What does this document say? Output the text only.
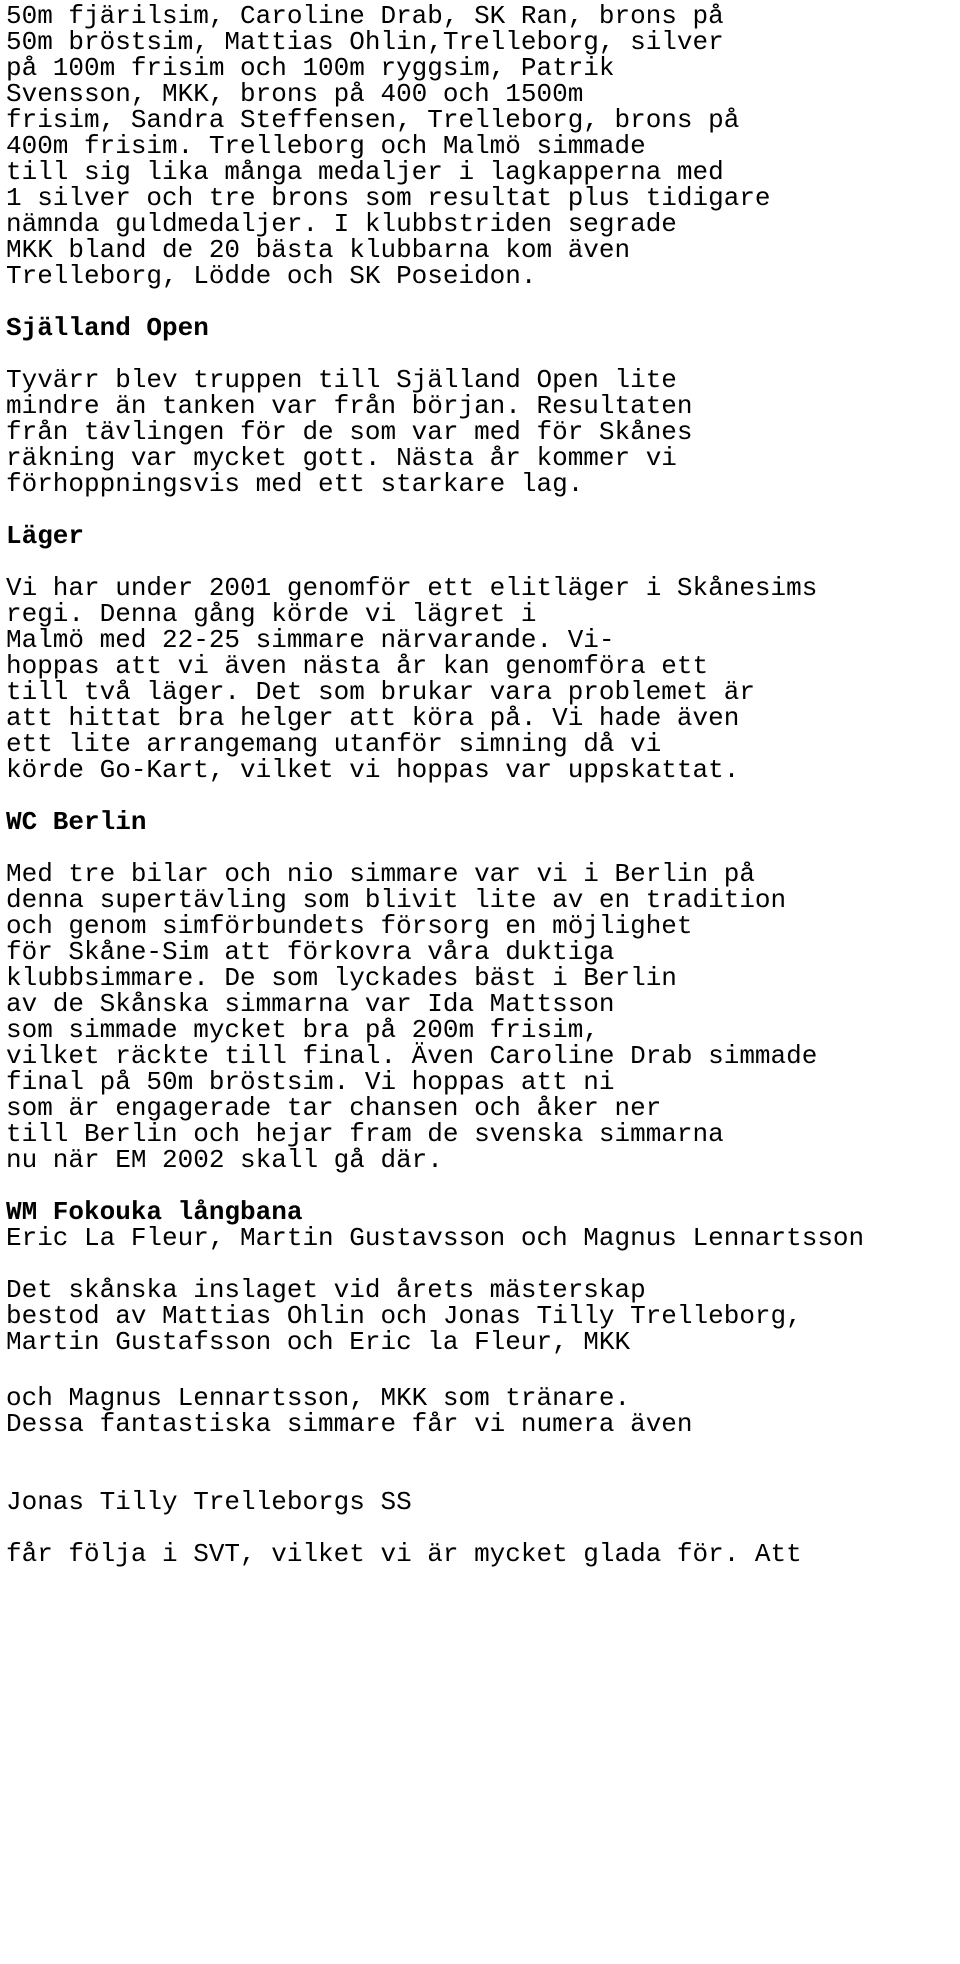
50m fjärilsim, Caroline Drab, SK Ran, brons på
50m bröstsim, Mattias Ohlin,Trelleborg, silver
på 100m frisim och 100m ryggsim, Patrik
Svensson, MKK, brons på 400 och 1500m
frisim, Sandra Steffensen, Trelleborg, brons på
400m frisim. Trelleborg och Malmö simmade
till sig lika många medaljer i lagkapperna med
1 silver och tre brons som resultat plus tidigare
nämnda guldmedaljer. I klubbstriden segrade
MKK bland de 20 bästa klubbarna kom även
Trelleborg, Lödde och SK Poseidon.
Själland Open
Tyvärr blev truppen till Själland Open lite
mindre än tanken var från början. Resultaten
från tävlingen för de som var med för Skånes
räkning var mycket gott. Nästa år kommer vi
förhoppningsvis med ett starkare lag.
Läger
Vi har under 2001 genomför ett elitläger i Skånesims
regi. Denna gång körde vi lägret i
Malmö med 22-25 simmare närvarande. Vi-
hoppas att vi även nästa år kan genomföra ett
till två läger. Det som brukar vara problemet är
att hittat bra helger att köra på. Vi hade även
ett lite arrangemang utanför simning då vi
körde Go-Kart, vilket vi hoppas var uppskattat.
WC Berlin
Med tre bilar och nio simmare var vi i Berlin på
denna supertävling som blivit lite av en tradition
och genom simförbundets försorg en möjlighet
för Skåne-Sim att förkovra våra duktiga
klubbsimmare. De som lyckades bäst i Berlin
av de Skånska simmarna var Ida Mattsson
som simmade mycket bra på 200m frisim,
vilket räckte till final. Även Caroline Drab simmade
final på 50m bröstsim. Vi hoppas att ni
som är engagerade tar chansen och åker ner
till Berlin och hejar fram de svenska simmarna
nu när EM 2002 skall gå där.
WM Fokouka långbana
Eric La Fleur, Martin Gustavsson och Magnus Lennartsson
Det skånska inslaget vid årets mästerskap
bestod av Mattias Ohlin och Jonas Tilly Trelleborg,
Martin Gustafsson och Eric la Fleur, MKK
och Magnus Lennartsson, MKK som tränare.
Dessa fantastiska simmare får vi numera även
Jonas Tilly Trelleborgs SS
får följa i SVT, vilket vi är mycket glada för. Att
